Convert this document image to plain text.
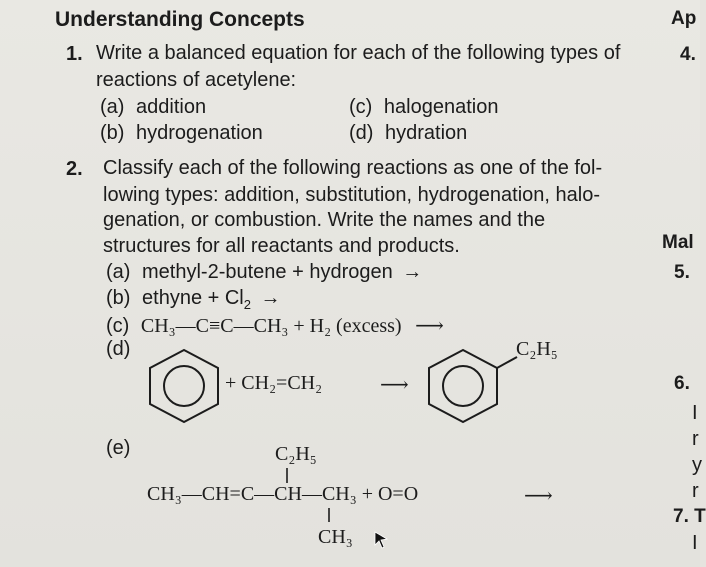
Understanding Concepts
1. Write a balanced equation for each of the following types of
reactions of acetylene:
(a) addition
(b) hydrogenation
(c) halogenation
(d) hydration
2. Classify each of the following reactions as one of the fol-
lowing types: addition, substitution, hydrogenation, halo-
genation, or combustion. Write the names and the
structures for all reactants and products.
(a) methyl-2-butene + hydrogen →
(b) ethyne + $Cl_2$ →
(c) CH₃—C≡C—CH₃ + H₂ (excess) ⟶
(d)
+ CH₂=CH₂	⟶
C₂H₅
(e)	C₂H₅
CH₃—CH=C—CH—CH₃ + O=O	⟶
CH₃
Ap
4.
Mal
5.
6.
7. T
I
r
y
r
I
